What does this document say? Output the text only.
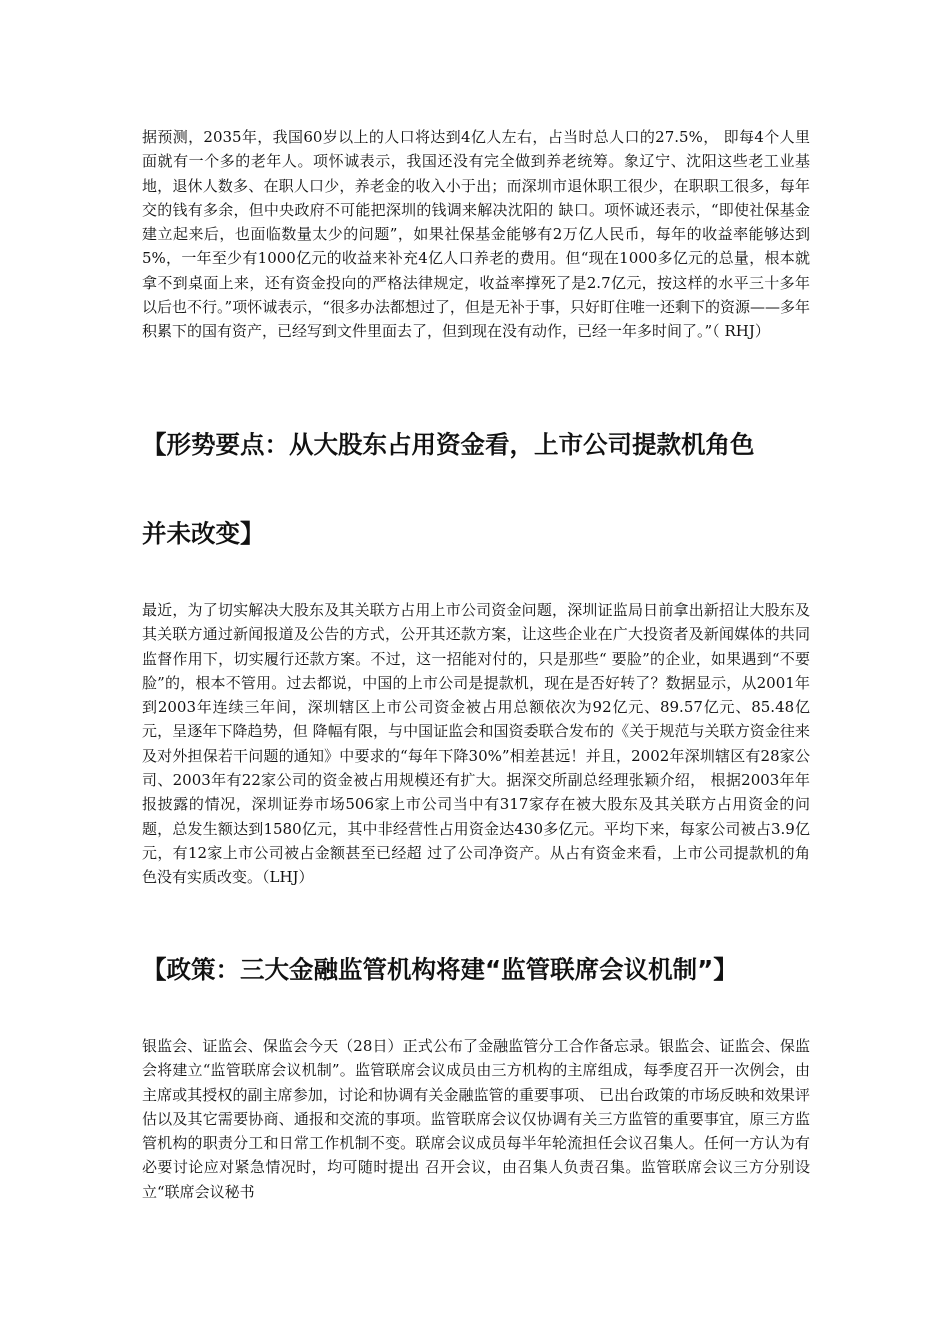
据预测，2035年，我国60岁以上的人口将达到4亿人左右，占当时总人口的27.5%， 即每4个人里面就有一个多的老年人。项怀诚表示，我国还没有完全做到养老统筹。象辽宁、沈阳这些老工业基地，退休人数多、在职人口少，养老金的收入小于出；而深圳市退休职工很少，在职职工很多，每年交的钱有多余，但中央政府不可能把深圳的钱调来解决沈阳的 缺口。项怀诚还表示，“即使社保基金建立起来后，也面临数量太少的问题”，如果社保基金能够有2万亿人民币，每年的收益率能够达到5%，一年至少有1000亿元的收益来补充4亿人口养老的费用。但“现在1000多亿元的总量，根本就拿不到桌面上来，还有资金投向的严格法律规定，收益率撑死了是2.7亿元，按这样的水平三十多年以后也不行。”项怀诚表示，“很多办法都想过了，但是无补于事，只好盯住唯一还剩下的资源——多年积累下的国有资产，已经写到文件里面去了，但到现在没有动作，已经一年多时间了。”（ RHJ）

【形势要点：从大股东占用资金看，上市公司提款机角色
并未改变】

最近，为了切实解决大股东及其关联方占用上市公司资金问题，深圳证监局日前拿出新招让大股东及其关联方通过新闻报道及公告的方式，公开其还款方案，让这些企业在广大投资者及新闻媒体的共同监督作用下，切实履行还款方案。不过，这一招能对付的，只是那些“ 要脸”的企业，如果遇到“不要脸”的，根本不管用。过去都说，中国的上市公司是提款机，现在是否好转了？数据显示，从2001年到2003年连续三年间，深圳辖区上市公司资金被占用总额依次为92亿元、89.57亿元、85.48亿元，呈逐年下降趋势，但 降幅有限，与中国证监会和国资委联合发布的《关于规范与关联方资金往来及对外担保若干问题的通知》中要求的“每年下降30%”相差甚远！并且，2002年深圳辖区有28家公司、2003年有22家公司的资金被占用规模还有扩大。据深交所副总经理张颖介绍， 根据2003年年报披露的情况，深圳证券市场506家上市公司当中有317家存在被大股东及其关联方占用资金的问题，总发生额达到1580亿元，其中非经营性占用资金达430多亿元。平均下来，每家公司被占3.9亿元，有12家上市公司被占金额甚至已经超 过了公司净资产。从占有资金来看，上市公司提款机的角色没有实质改变。（LHJ）

【政策：三大金融监管机构将建“监管联席会议机制”】

银监会、证监会、保监会今天（28日）正式公布了金融监管分工合作备忘录。银监会、证监会、保监会将建立“监管联席会议机制”。监管联席会议成员由三方机构的主席组成，每季度召开一次例会，由主席或其授权的副主席参加，讨论和协调有关金融监管的重要事项、 已出台政策的市场反映和效果评估以及其它需要协商、通报和交流的事项。监管联席会议仅协调有关三方监管的重要事宜，原三方监管机构的职责分工和日常工作机制不变。联席会议成员每半年轮流担任会议召集人。任何一方认为有必要讨论应对紧急情况时，均可随时提出 召开会议，由召集人负责召集。监管联席会议三方分别设立“联席会议秘书
